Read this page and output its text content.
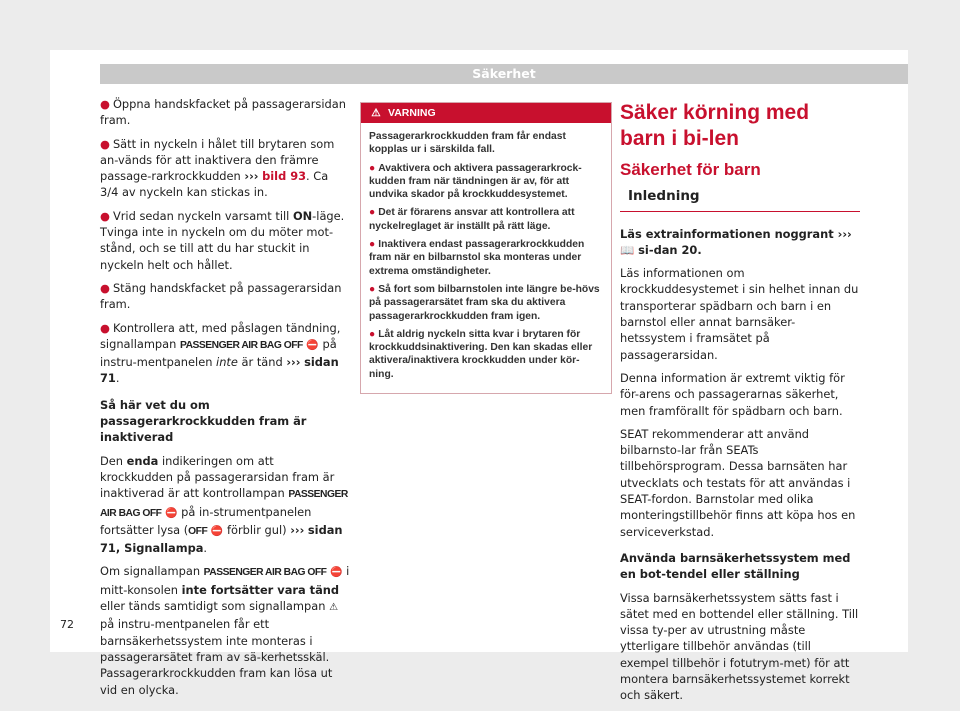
Säkerhet

● Öppna handskfacket på passagerarsidan fram.

● Sätt in nyckeln i hålet till brytaren som an-vänds för att inaktivera den främre passage-rarkrockkudden ››› bild 93. Ca 3/4 av nyckeln kan stickas in.

● Vrid sedan nyckeln varsamt till ON-läge. Tvinga inte in nyckeln om du möter mot-stånd, och se till att du har stuckit in nyckeln helt och hållet.

● Stäng handskfacket på passagerarsidan fram.

● Kontrollera att, med påslagen tändning, signallampan PASSENGER AIR BAG OFF ⛔ på instru-mentpanelen inte är tänd ››› sidan 71.

Så här vet du om passagerarkrockkudden fram är inaktiverad

Den enda indikeringen om att krockkudden på passagerarsidan fram är inaktiverad är att kontrollampan PASSENGER AIR BAG OFF ⛔ på in-strumentpanelen fortsätter lysa (OFF ⛔ förblir gul) ››› sidan 71, Signallampa.

Om signallampan PASSENGER AIR BAG OFF ⛔ i mitt-konsolen inte fortsätter vara tänd eller tänds samtidigt som signallampan ⚠ på instru-mentpanelen får ett barnsäkerhetssystem inte monteras i passagerarsätet fram av sä-kerhetsskäl. Passagerarkrockkudden fram kan lösa ut vid en olycka.

⚠ VARNING

Passagerarkrockkudden fram får endast kopplas ur i särskilda fall.

● Avaktivera och aktivera passagerarkrock-kudden fram när tändningen är av, för att undvika skador på krockkuddesystemet.

● Det är förarens ansvar att kontrollera att nyckelreglaget är inställt på rätt läge.

● Inaktivera endast passagerarkrockkudden fram när en bilbarnstol ska monteras under extrema omständigheter.

● Så fort som bilbarnstolen inte längre be-hövs på passagerarsätet fram ska du aktivera passagerarkrockkudden fram igen.

● Låt aldrig nyckeln sitta kvar i brytaren för krockkuddsinaktivering. Den kan skadas eller aktivera/inaktivera krockkudden under kör-ning.

Säker körning med barn i bi-len
Säkerhet för barn
Inledning

Läs extrainformationen noggrant ››› 📖 si-dan 20.

Läs informationen om krockkuddesystemet i sin helhet innan du transporterar spädbarn och barn i en barnstol eller annat barnsäker-hetssystem i framsätet på passagerarsidan.

Denna information är extremt viktig för för-arens och passagerarnas säkerhet, men framförallt för spädbarn och barn.

SEAT rekommenderar att använd bilbarnsto-lar från SEATs tillbehörsprogram. Dessa barnsäten har utvecklats och testats för att användas i SEAT-fordon. Barnstolar med olika monteringstillbehör finns att köpa hos en serviceverkstad.

Använda barnsäkerhetssystem med en bot-tendel eller ställning

Vissa barnsäkerhetssystem sätts fast i sätet med en bottendel eller ställning. Till vissa ty-per av utrustning måste ytterligare tillbehör användas (till exempel tillbehör i fotutrym-met) för att montera barnsäkerhetssystemet korrekt och säkert.

72
